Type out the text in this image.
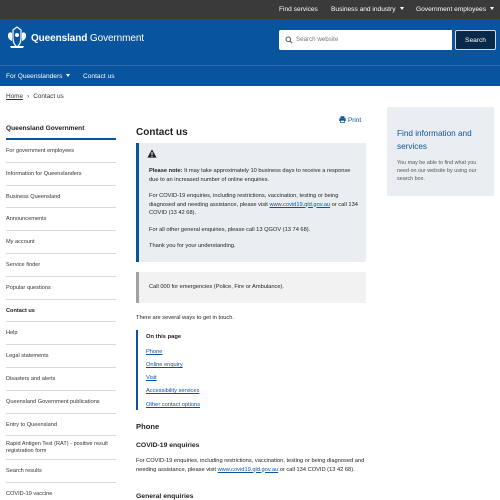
Find services Business and industry	Government employees
Queensland Government	Search website	Search
For Queenslanders	Contact us
Home › Contact us
Queensland Government
For government employees
Information for Queenslanders
Business Queensland
Announcements
My account
Service finder
Popular questions
Contact us
Help
Legal statements
Disasters and alerts
Queensland Government publications
Entry to Queensland
Rapid Antigen Test (RAT) - positive result registration form
Search results
COVID-19 vaccine
Print
Contact us

Please note: It may take approximately 10 business days to receive a response due to an increased number of online enquiries.

For COVID-19 enquiries, including restrictions, vaccination, testing or being diagnosed and needing assistance, please visit www.covid19.qld.gov.au or call 134 COVID (13 42 68).

For all other general enquiries, please call 13 QGOV (13 74 68).

Thank you for your understanding.

Call 000 for emergencies (Police, Fire or Ambulance).
There are several ways to get in touch.
On this page
Phone
Online enquiry
Visit
Accessibility services
Other contact options
Phone
COVID-19 enquiries
For COVID-19 enquiries, including restrictions, vaccination, testing or being diagnosed and needing assistance, please visit www.covid19.qld.gov.au or call 134 COVID (13 42 68).
General enquiries
Find information and services
You may be able to find what you need on our website by using our search box.
